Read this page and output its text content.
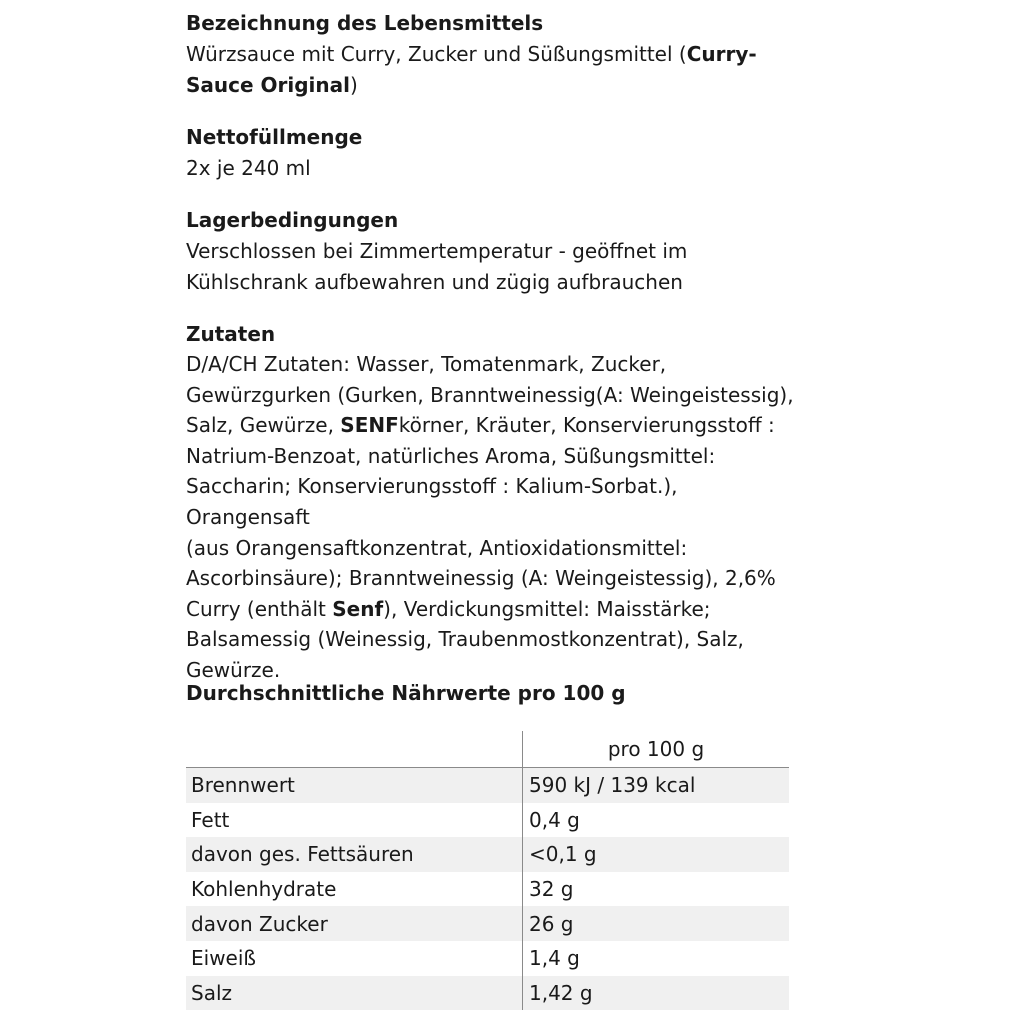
Bezeichnung des Lebensmittels

Würzsauce mit Curry, Zucker und Süßungsmittel (Curry-Sauce Original)

Nettofüllmenge

2x je 240 ml

Lagerbedingungen

Verschlossen bei Zimmertemperatur - geöffnet im

Kühlschrank aufbewahren und zügig aufbrauchen

Zutaten

D/A/CH Zutaten: Wasser, Tomatenmark, Zucker,

Gewürzgurken (Gurken, Branntweinessig(A: Weingeistessig),

Salz, Gewürze, SENFkörner, Kräuter, Konservierungsstoff :

Natrium-Benzoat, natürliches Aroma, Süßungsmittel:

Saccharin; Konservierungsstoff : Kalium-Sorbat.), Orangensaft

(aus Orangensaftkonzentrat, Antioxidationsmittel:

Ascorbinsäure); Branntweinessig (A: Weingeistessig), 2,6%

Curry (enthält Senf), Verdickungsmittel: Maisstärke;

Balsamessig (Weinessig, Traubenmostkonzentrat), Salz,

Gewürze.

Durchschnittliche Nährwerte pro 100 g

pro 100 g
Brennwert	590 kJ / 139 kcal
Fett	0,4 g
davon ges. Fettsäuren	<0,1 g
Kohlenhydrate	32 g
davon Zucker	26 g
Eiweiß	1,4 g
Salz	1,42 g
